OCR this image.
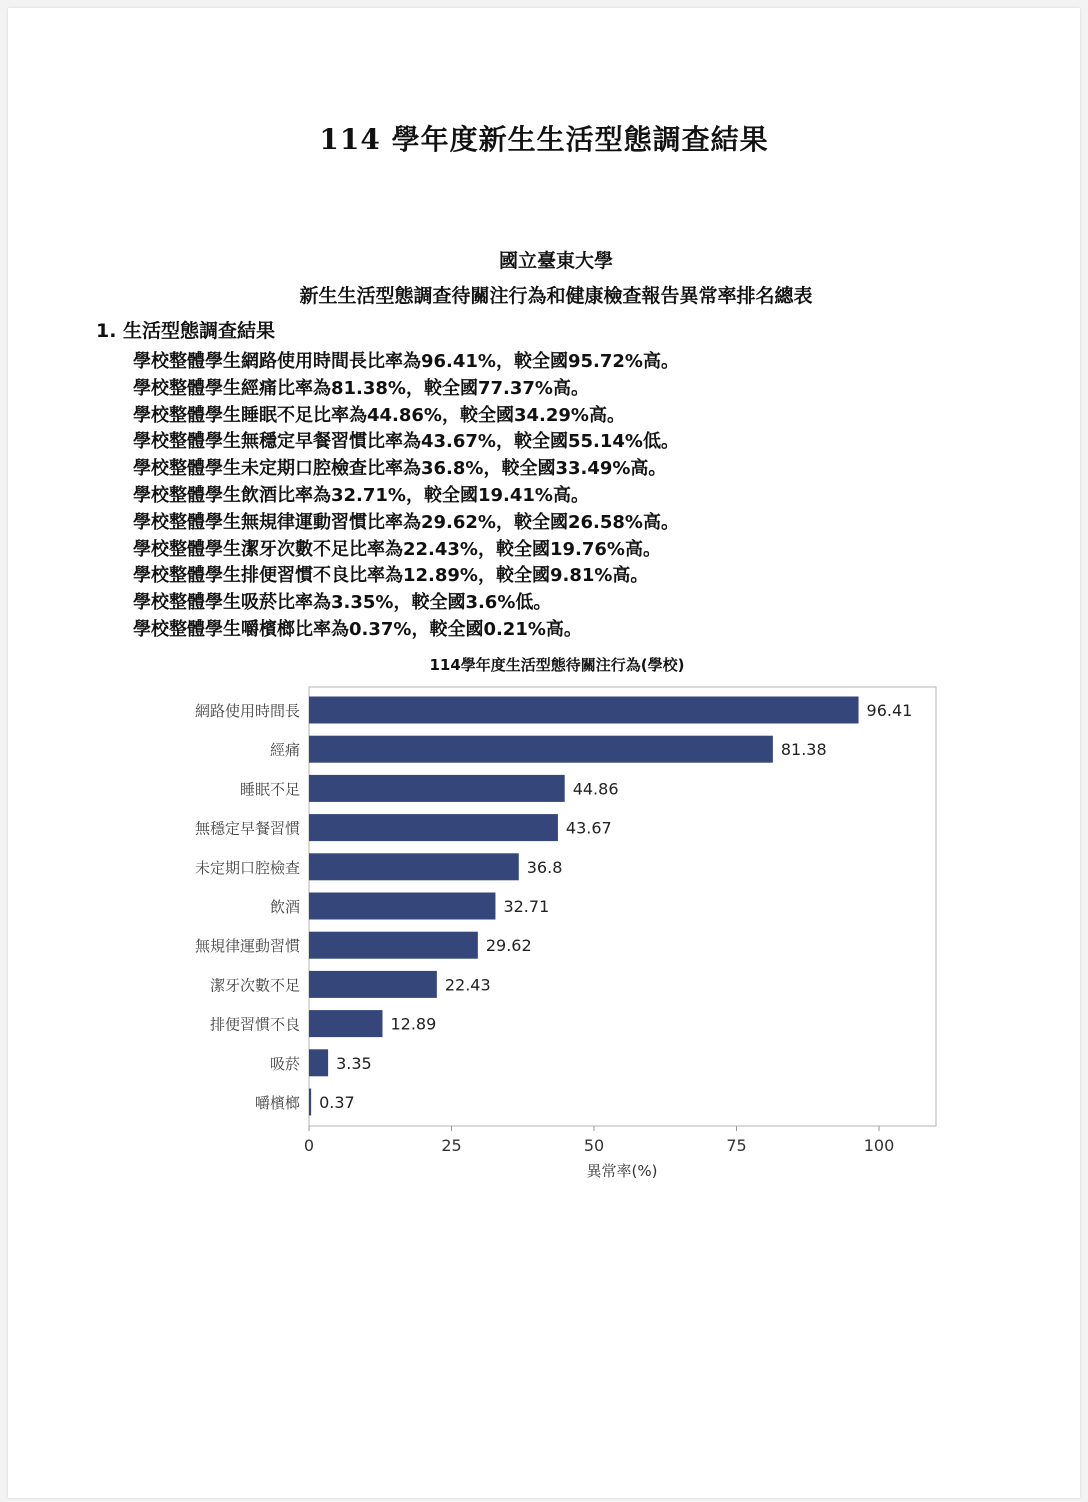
114 學年度新生生活型態調查結果
國立臺東大學
新生生活型態調查待關注行為和健康檢查報告異常率排名總表
1. 生活型態調查結果
學校整體學生網路使用時間長比率為96.41%，較全國95.72%高。
學校整體學生經痛比率為81.38%，較全國77.37%高。
學校整體學生睡眠不足比率為44.86%，較全國34.29%高。
學校整體學生無穩定早餐習慣比率為43.67%，較全國55.14%低。
學校整體學生未定期口腔檢查比率為36.8%，較全國33.49%高。
學校整體學生飲酒比率為32.71%，較全國19.41%高。
學校整體學生無規律運動習慣比率為29.62%，較全國26.58%高。
學校整體學生潔牙次數不足比率為22.43%，較全國19.76%高。
學校整體學生排便習慣不良比率為12.89%，較全國9.81%高。
學校整體學生吸菸比率為3.35%，較全國3.6%低。
學校整體學生嚼檳榔比率為0.37%，較全國0.21%高。
114學年度生活型態待關注行為(學校)
96.41
網路使用時間長
81.38
經痛
44.86
睡眠不足
43.67
無穩定早餐習慣
36.8
未定期口腔檢查
32.71
飲酒
29.62
無規律運動習慣
22.43
潔牙次數不足
12.89
排便習慣不良
3.35
吸菸
0.37
嚼檳榔
0	25	50	75	100
異常率(%)
